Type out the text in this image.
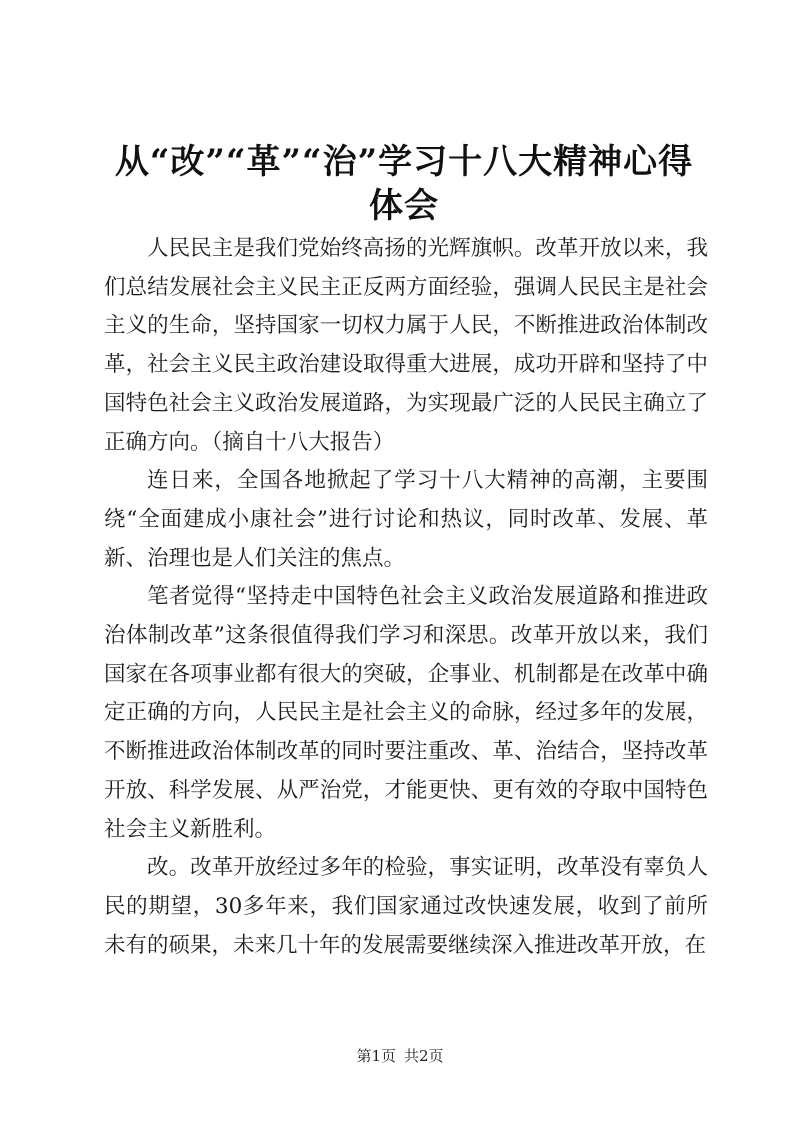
从“改”“革”“治”学习十八大精神心得体会

人民民主是我们党始终高扬的光辉旗帜。改革开放以来，我们总结发展社会主义民主正反两方面经验，强调人民民主是社会主义的生命，坚持国家一切权力属于人民，不断推进政治体制改革，社会主义民主政治建设取得重大进展，成功开辟和坚持了中国特色社会主义政治发展道路，为实现最广泛的人民民主确立了正确方向。（摘自十八大报告）

连日来，全国各地掀起了学习十八大精神的高潮，主要围绕“全面建成小康社会”进行讨论和热议，同时改革、发展、革新、治理也是人们关注的焦点。

笔者觉得“坚持走中国特色社会主义政治发展道路和推进政治体制改革”这条很值得我们学习和深思。改革开放以来，我们国家在各项事业都有很大的突破，企事业、机制都是在改革中确定正确的方向，人民民主是社会主义的命脉，经过多年的发展，不断推进政治体制改革的同时要注重改、革、治结合，坚持改革开放、科学发展、从严治党，才能更快、更有效的夺取中国特色社会主义新胜利。

改。改革开放经过多年的检验，事实证明，改革没有辜负人民的期望，30多年来，我们国家通过改快速发展，收到了前所未有的硕果，未来几十年的发展需要继续深入推进改革开放，在

第1页 共2页
